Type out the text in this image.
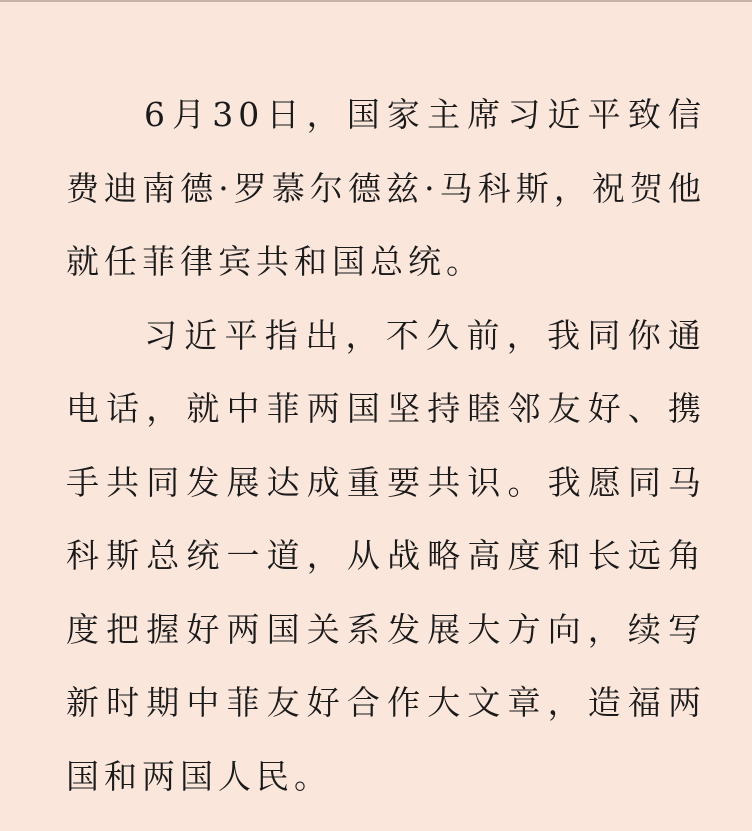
6月30日，国家主席习近平致信费迪南德·罗慕尔德兹·马科斯，祝贺他就任菲律宾共和国总统。

习近平指出，不久前，我同你通电话，就中菲两国坚持睦邻友好、携手共同发展达成重要共识。我愿同马科斯总统一道，从战略高度和长远角度把握好两国关系发展大方向，续写新时期中菲友好合作大文章，造福两国和两国人民。
